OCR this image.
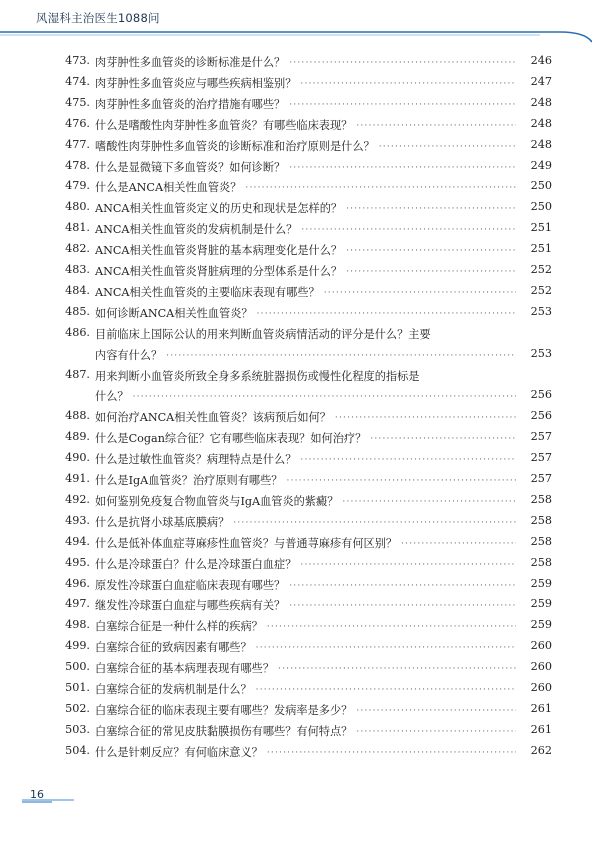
风湿科主治医生1088问
473. 肉芽肿性多血管炎的诊断标准是什么？ ·····	246
474. 肉芽肿性多血管炎应与哪些疾病相鉴别？ ·····	247
475. 肉芽肿性多血管炎的治疗措施有哪些？ ·····	248
476. 什么是嗜酸性肉芽肿性多血管炎？有哪些临床表现？ ·····	248
477. 嗜酸性肉芽肿性多血管炎的诊断标准和治疗原则是什么？ ·····	248
478. 什么是显微镜下多血管炎？如何诊断？ ·····	249
479. 什么是ANCA相关性血管炎？ ·····	250
480. ANCA相关性血管炎定义的历史和现状是怎样的？ ·····	250
481. ANCA相关性血管炎的发病机制是什么？ ·····	251
482. ANCA相关性血管炎肾脏的基本病理变化是什么？ ·····	251
483. ANCA相关性血管炎肾脏病理的分型体系是什么？ ·····	252
484. ANCA相关性血管炎的主要临床表现有哪些？ ·····	252
485. 如何诊断ANCA相关性血管炎？ ·····	253
486. 目前临床上国际公认的用来判断血管炎病情活动的评分是什么？主要
内容有什么？ ·····	253
487. 用来判断小血管炎所致全身多系统脏器损伤或慢性化程度的指标是
什么？ ·····	256
488. 如何治疗ANCA相关性血管炎？该病预后如何？ ·····	256
489. 什么是Cogan综合征？它有哪些临床表现？如何治疗？ ·····	257
490. 什么是过敏性血管炎？病理特点是什么？ ·····	257
491. 什么是IgA血管炎？治疗原则有哪些？ ·····	257
492. 如何鉴别免疫复合物血管炎与IgA血管炎的紫癜？ ·····	258
493. 什么是抗肾小球基底膜病？ ·····	258
494. 什么是低补体血症荨麻疹性血管炎？与普通荨麻疹有何区别？ ·····	258
495. 什么是冷球蛋白？什么是冷球蛋白血症？ ·····	258
496. 原发性冷球蛋白血症临床表现有哪些？ ·····	259
497. 继发性冷球蛋白血症与哪些疾病有关？ ·····	259
498. 白塞综合征是一种什么样的疾病？ ·····	259
499. 白塞综合征的致病因素有哪些？ ·····	260
500. 白塞综合征的基本病理表现有哪些？ ·····	260
501. 白塞综合征的发病机制是什么？ ·····	260
502. 白塞综合征的临床表现主要有哪些？发病率是多少？ ·····	261
503. 白塞综合征的常见皮肤黏膜损伤有哪些？有何特点？ ·····	261
504. 什么是针刺反应？有何临床意义？ ·····	262
16
